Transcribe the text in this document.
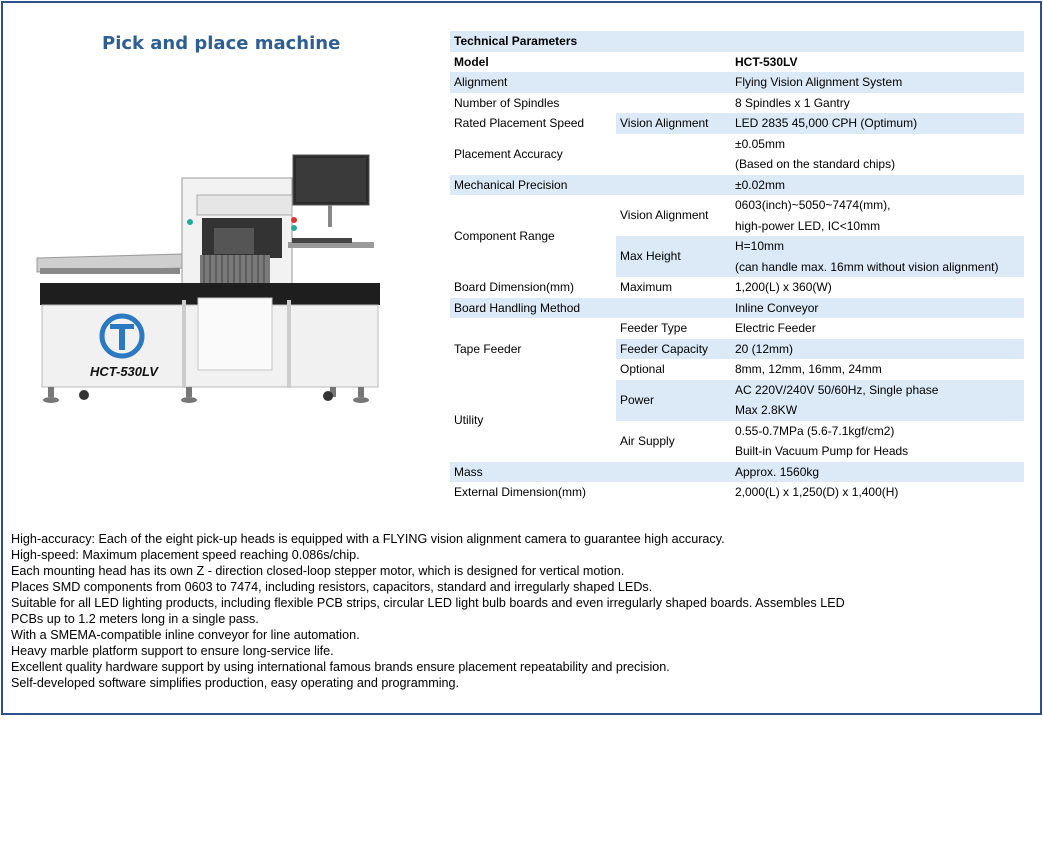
Pick and place machine
HCT-530LV
Technical Parameters		
Model		HCT-530LV
Alignment		Flying Vision Alignment System
Number of Spindles		8 Spindles x 1 Gantry
Rated Placement Speed	Vision Alignment	LED 2835 45,000 CPH (Optimum)
Placement Accuracy		±0.05mm
		(Based on the standard chips)
Mechanical Precision		±0.02mm
Component Range	Vision Alignment	0603(inch)~5050~7474(mm),
		high-power LED, IC<10mm
	Max Height	H=10mm
		(can handle max. 16mm without vision alignment)
Board Dimension(mm)	Maximum	1,200(L) x 360(W)
Board Handling Method		Inline Conveyor
Tape Feeder	Feeder Type	Electric Feeder
	Feeder Capacity	20 (12mm)
	Optional	8mm, 12mm, 16mm, 24mm
Utility	Power	AC 220V/240V 50/60Hz, Single phase
		Max 2.8KW
	Air Supply	0.55-0.7MPa (5.6-7.1kgf/cm2)
		Built-in Vacuum Pump for Heads
Mass		Approx. 1560kg
External Dimension(mm)		2,000(L) x 1,250(D) x 1,400(H)
High-accuracy: Each of the eight pick-up heads is equipped with a FLYING vision alignment camera to guarantee high accuracy.
High-speed: Maximum placement speed reaching 0.086s/chip.
Each mounting head has its own Z - direction closed-loop stepper motor, which is designed for vertical motion.
Places SMD components from 0603 to 7474, including resistors, capacitors, standard and irregularly shaped LEDs.
Suitable for all LED lighting products, including flexible PCB strips, circular LED light bulb boards and even irregularly shaped boards. Assembles LED
PCBs up to 1.2 meters long in a single pass.
With a SMEMA-compatible inline conveyor for line automation.
Heavy marble platform support to ensure long-service life.
Excellent quality hardware support by using international famous brands ensure placement repeatability and precision.
Self-developed software simplifies production, easy operating and programming.
